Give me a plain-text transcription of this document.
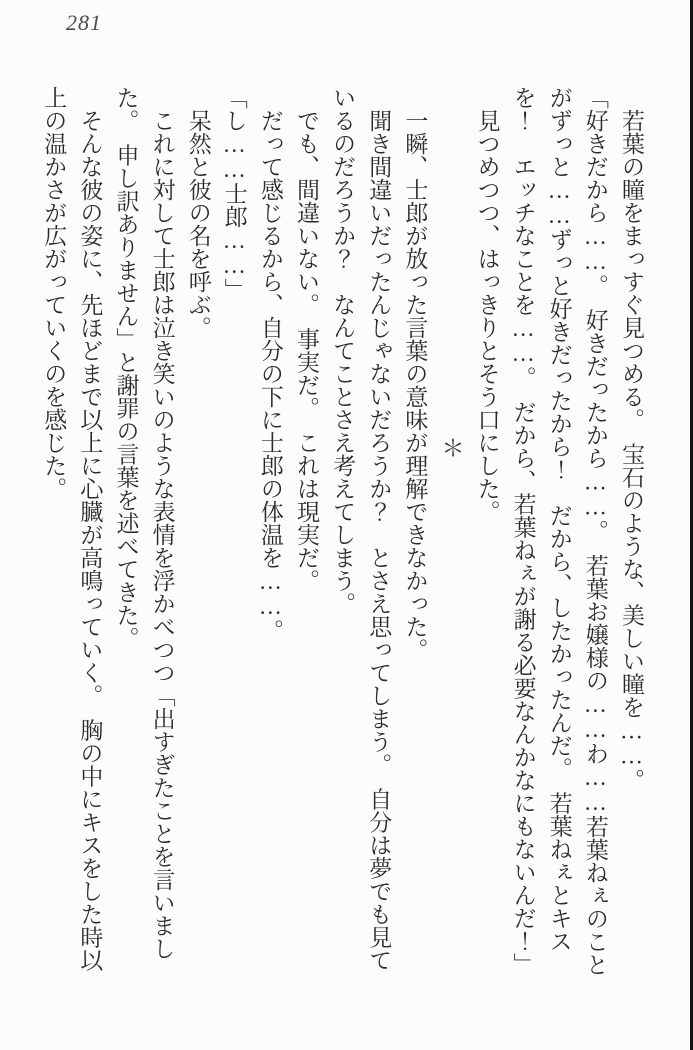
281

若葉の瞳をまっすぐ見つめる。　宝石のような、美しい瞳を……。

「好きだから……。　好きだったから……。　若葉お嬢様の……わ……若葉ねぇのことがずっと……ずっと好きだったから！　だから、したかったんだ。　若葉ねぇとキスを！　エッチなことを……。　だから、若葉ねぇが謝る必要なんかなにもないんだ！」

見つめつつ、はっきりとそう口にした。

＊

一瞬、士郎が放った言葉の意味が理解できなかった。

聞き間違いだったんじゃないだろうか？　とさえ思ってしまう。　自分は夢でも見ているのだろうか？　なんてことさえ考えてしまう。

でも、間違いない。　事実だ。　これは現実だ。

だって感じるから、自分の下に士郎の体温を……。

「し……士郎……」

呆然と彼の名を呼ぶ。

これに対して士郎は泣き笑いのような表情を浮かべつつ「出すぎたことを言いました。　申し訳ありません」と謝罪の言葉を述べてきた。

そんな彼の姿に、先ほどまで以上に心臓が高鳴っていく。　胸の中にキスをした時以上の温かさが広がっていくのを感じた。
